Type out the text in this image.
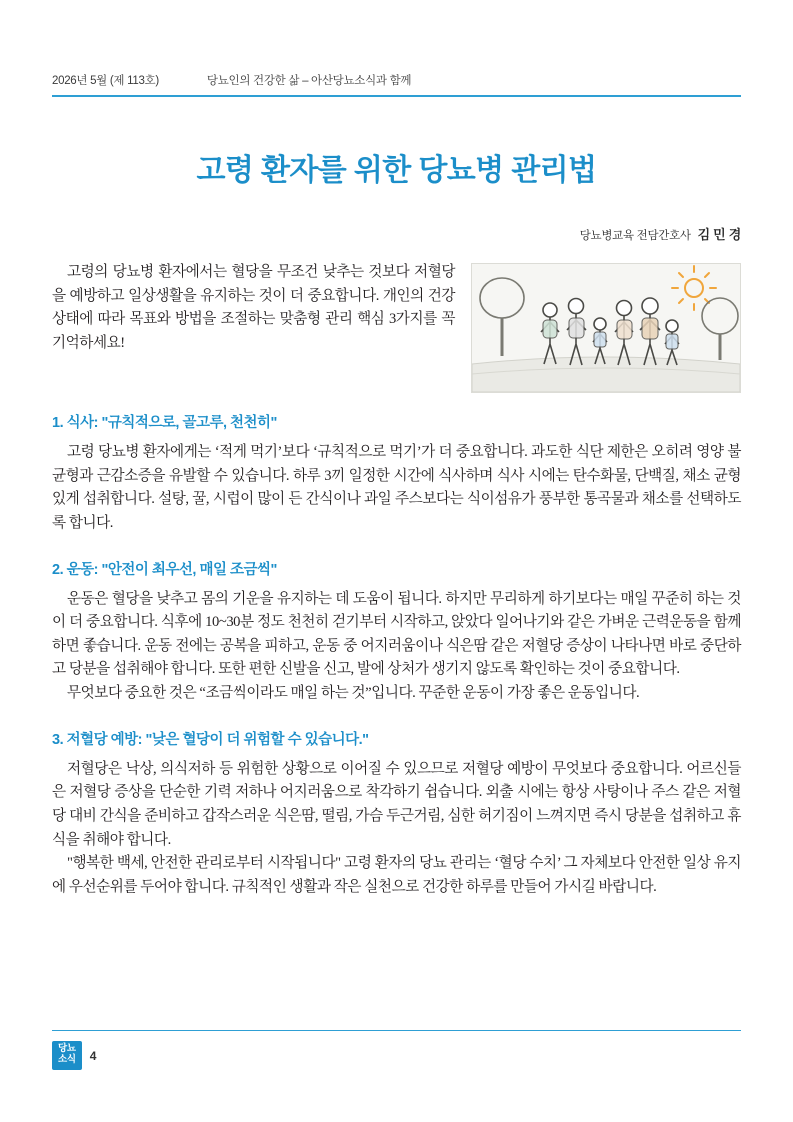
2026년 5월 (제 113호)	당뇨인의 건강한 삶 – 아산당뇨소식과 함께
고령 환자를 위한 당뇨병 관리법
당뇨병교육 전담간호사 김 민 경

고령의 당뇨병 환자에서는 혈당을 무조건 낮추는 것보다 저혈당을 예방하고 일상생활을 유지하는 것이 더 중요합니다. 개인의 건강 상태에 따라 목표와 방법을 조절하는 맞춤형 관리 핵심 3가지를 꼭 기억하세요!

1. 식사: "규칙적으로, 골고루, 천천히"

고령 당뇨병 환자에게는 ‘적게 먹기’보다 ‘규칙적으로 먹기’가 더 중요합니다. 과도한 식단 제한은 오히려 영양 불균형과 근감소증을 유발할 수 있습니다. 하루 3끼 일정한 시간에 식사하며 식사 시에는 탄수화물, 단백질, 채소 균형 있게 섭취합니다. 설탕, 꿀, 시럽이 많이 든 간식이나 과일 주스보다는 식이섬유가 풍부한 통곡물과 채소를 선택하도록 합니다.

2. 운동: "안전이 최우선, 매일 조금씩"

운동은 혈당을 낮추고 몸의 기운을 유지하는 데 도움이 됩니다. 하지만 무리하게 하기보다는 매일 꾸준히 하는 것이 더 중요합니다. 식후에 10~30분 정도 천천히 걷기부터 시작하고, 앉았다 일어나기와 같은 가벼운 근력운동을 함께 하면 좋습니다. 운동 전에는 공복을 피하고, 운동 중 어지러움이나 식은땀 같은 저혈당 증상이 나타나면 바로 중단하고 당분을 섭취해야 합니다. 또한 편한 신발을 신고, 발에 상처가 생기지 않도록 확인하는 것이 중요합니다.

무엇보다 중요한 것은 “조금씩이라도 매일 하는 것”입니다. 꾸준한 운동이 가장 좋은 운동입니다.

3. 저혈당 예방: "낮은 혈당이 더 위험할 수 있습니다."

저혈당은 낙상, 의식저하 등 위험한 상황으로 이어질 수 있으므로 저혈당 예방이 무엇보다 중요합니다. 어르신들은 저혈당 증상을 단순한 기력 저하나 어지러움으로 착각하기 쉽습니다. 외출 시에는 항상 사탕이나 주스 같은 저혈당 대비 간식을 준비하고 갑작스러운 식은땀, 떨림, 가슴 두근거림, 심한 허기짐이 느껴지면 즉시 당분을 섭취하고 휴식을 취해야 합니다.

"행복한 백세, 안전한 관리로부터 시작됩니다" 고령 환자의 당뇨 관리는 ‘혈당 수치’ 그 자체보다 안전한 일상 유지에 우선순위를 두어야 합니다. 규칙적인 생활과 작은 실천으로 건강한 하루를 만들어 가시길 바랍니다.

당뇨
소식 4
